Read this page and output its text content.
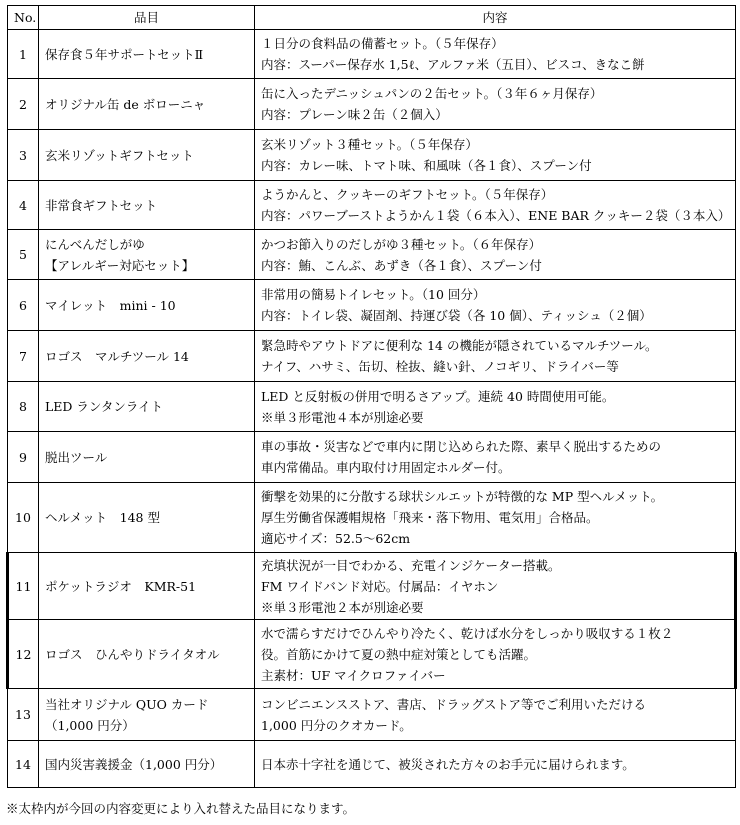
No.	品目	内容
1	保存食５年サポートセットⅡ	１日分の食料品の備蓄セット。（５年保存）
内容：スーパー保存水 1,5ℓ、アルファ米（五目）、ビスコ、きなこ餅

2	オリジナル缶 de ボローニャ	缶に入ったデニッシュパンの２缶セット。（３年６ヶ月保存）
内容：プレーン味２缶（２個入）

3	玄米リゾットギフトセット	玄米リゾット３種セット。（５年保存）
内容：カレー味、トマト味、和風味（各１食）、スプーン付

4	非常食ギフトセット	ようかんと、クッキーのギフトセット。（５年保存）
内容：パワーブーストようかん１袋（６本入）、ENE BAR クッキー２袋（３本入）

5	にんべんだしがゆ
【アレルギー対応セット】	かつお節入りのだしがゆ３種セット。（６年保存）
内容：鮪、こんぶ、あずき（各１食）、スプーン付

6	マイレット　mini - 10	非常用の簡易トイレセット。（10 回分）
内容：トイレ袋、凝固剤、持運び袋（各 10 個）、ティッシュ（２個）

7	ロゴス　マルチツール 14	緊急時やアウトドアに便利な 14 の機能が隠されているマルチツール。
ナイフ、ハサミ、缶切、栓抜、縫い針、ノコギリ、ドライバー等

8	LED ランタンライト	LED と反射板の併用で明るさアップ。連続 40 時間使用可能。
※単３形電池４本が別途必要

9	脱出ツール	車の事故・災害などで車内に閉じ込められた際、素早く脱出するための
車内常備品。車内取付け用固定ホルダー付。

10	ヘルメット　148 型	衝撃を効果的に分散する球状シルエットが特徴的な MP 型ヘルメット。
厚生労働省保護帽規格「飛来・落下物用、電気用」合格品。
適応サイズ：52.5〜62cm

11	ポケットラジオ　KMR-51	充填状況が一目でわかる、充電インジケーター搭載。
FM ワイドバンド対応。付属品：イヤホン
※単３形電池２本が別途必要

12	ロゴス　ひんやりドライタオル	水で濡らすだけでひんやり冷たく、乾けば水分をしっかり吸収する１枚２
役。首筋にかけて夏の熱中症対策としても活躍。
主素材：UF マイクロファイバー

13	当社オリジナル QUO カード
（1,000 円分）	コンビニエンスストア、書店、ドラッグストア等でご利用いただける
1,000 円分のクオカード。

14	国内災害義援金（1,000 円分）	日本赤十字社を通じて、被災された方々のお手元に届けられます。
※太枠内が今回の内容変更により入れ替えた品目になります。
